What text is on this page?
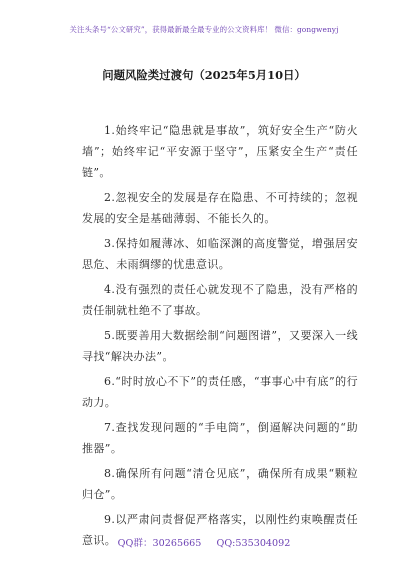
关注头条号“公文研究”，获得最新最全最专业的公文资料库！ 微信：gongwenyj
问题风险类过渡句（2025年5月10日）

1.始终牢记“隐患就是事故”，筑好安全生产“防火墙”；始终牢记“平安源于坚守”，压紧安全生产“责任链”。

2.忽视安全的发展是存在隐患、不可持续的；忽视发展的安全是基础薄弱、不能长久的。

3.保持如履薄冰、如临深渊的高度警觉，增强居安思危、未雨绸缪的忧患意识。

4.没有强烈的责任心就发现不了隐患，没有严格的责任制就杜绝不了事故。

5.既要善用大数据绘制“问题图谱”，又要深入一线寻找“解决办法”。

6.“时时放心不下”的责任感，“事事心中有底”的行动力。

7.查找发现问题的“手电筒”，倒逼解决问题的“助推器”。

8.确保所有问题“清仓见底”，确保所有成果“颗粒归仓”。

9.以严肃问责督促严格落实，以刚性约束唤醒责任意识。 QQ群：30265665 QQ:535304092
